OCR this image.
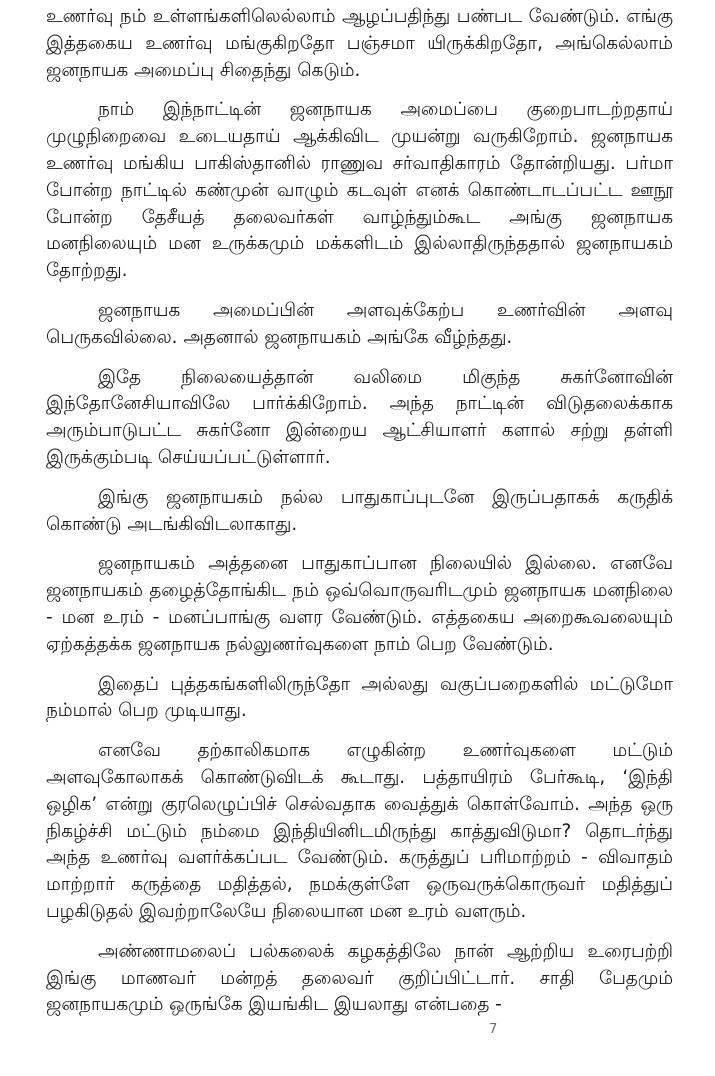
உணர்வு நம் உள்ளங்களிலெல்லாம் ஆழப்பதிந்து பண்பட வேண்டும். எங்கு இத்தகைய உணர்வு மங்குகிறதோ பஞ்சமா யிருக்கிறதோ, அங்கெல்லாம் ஜனநாயக அமைப்பு சிதைந்து கெடும்.

நாம் இந்நாட்டின் ஜனநாயக அமைப்பை குறைபாடற்றதாய் முழுநிறைவை உடையதாய் ஆக்கிவிட முயன்று வருகிறோம். ஜனநாயக உணர்வு மங்கிய பாகிஸ்தானில் ராணுவ சர்வாதிகாரம் தோன்றியது. பர்மா போன்ற நாட்டில் கண்முன் வாழும் கடவுள் எனக் கொண்டாடப்பட்ட ஊநூ போன்ற தேசீயத் தலைவர்கள் வாழ்ந்தும்கூட அங்கு ஜனநாயக மனநிலையும் மன உருக்கமும் மக்களிடம் இல்லாதிருந்ததால் ஜனநாயகம் தோற்றது.

ஜனநாயக அமைப்பின் அளவுக்கேற்ப உணர்வின் அளவு பெருகவில்லை. அதனால் ஜனநாயகம் அங்கே வீழ்ந்தது.

இதே நிலையைத்தான் வலிமை மிகுந்த சுகர்னோவின் இந்தோனேசியாவிலே பார்க்கிறோம். அந்த நாட்டின் விடுதலைக்காக அரும்பாடுபட்ட சுகர்னோ இன்றைய ஆட்சியாளர் களால் சற்று தள்ளி இருக்கும்படி செய்யப்பட்டுள்ளார்.

இங்கு ஜனநாயகம் நல்ல பாதுகாப்புடனே இருப்பதாகக் கருதிக் கொண்டு அடங்கிவிடலாகாது.

ஜனநாயகம் அத்தனை பாதுகாப்பான நிலையில் இல்லை. எனவே ஜனநாயகம் தழைத்தோங்கிட நம் ஒவ்வொருவரிடமும் ஜனநாயக மனநிலை - மன உரம் - மனப்பாங்கு வளர வேண்டும். எத்தகைய அறைகூவலையும் ஏற்கத்தக்க ஜனநாயக நல்லுணர்வுகளை நாம் பெற வேண்டும்.

இதைப் புத்தகங்களிலிருந்தோ அல்லது வகுப்பறைகளில் மட்டுமோ நம்மால் பெற முடியாது.

எனவே தற்காலிகமாக எழுகின்ற உணர்வுகளை மட்டும் அளவுகோலாகக் கொண்டுவிடக் கூடாது. பத்தாயிரம் பேர்கூடி, ‘இந்தி ஒழிக’ என்று குரலெழுப்பிச் செல்வதாக வைத்துக் கொள்வோம். அந்த ஒரு நிகழ்ச்சி மட்டும் நம்மை இந்தியினிடமிருந்து காத்துவிடுமா? தொடர்ந்து அந்த உணர்வு வளர்க்கப்பட வேண்டும். கருத்துப் பரிமாற்றம் - விவாதம் மாற்றார் கருத்தை மதித்தல், நமக்குள்ளே ஒருவருக்கொருவர் மதித்துப் பழகிடுதல் இவற்றாலேயே நிலையான மன உரம் வளரும்.

அண்ணாமலைப் பல்கலைக் கழகத்திலே நான் ஆற்றிய உரைபற்றி இங்கு மாணவர் மன்றத் தலைவர் குறிப்பிட்டார். சாதி பேதமும் ஜனநாயகமும் ஒருங்கே இயங்கிட இயலாது என்பதை -

7
